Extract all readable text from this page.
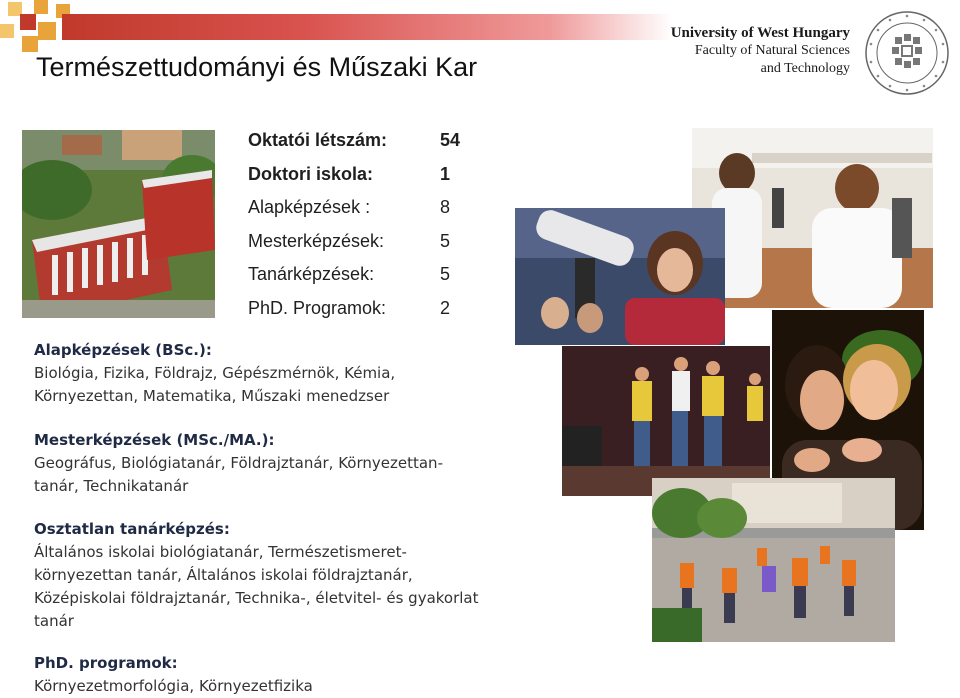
University of West Hungary
Faculty of Natural Sciences
and Technology
Természettudományi és Műszaki Kar
Oktatói létszám:	54
Doktori iskola:	1
Alapképzések :	8
Mesterképzések:	5
Tanárképzések:	5
PhD. Programok:	2
Alapképzések (BSc.):
Biológia, Fizika, Földrajz, Gépészmérnök, Kémia,
Környezettan, Matematika, Műszaki menedzser
Mesterképzések (MSc./MA.):
Geográfus, Biológiatanár, Földrajztanár, Környezettan-
tanár, Technikatanár
Osztatlan tanárképzés:
Általános iskolai biológiatanár, Természetismeret-
környezettan tanár, Általános iskolai földrajztanár,
Középiskolai földrajztanár, Technika-, életvitel- és gyakorlat
tanár
PhD. programok:
Környezetmorfológia, Környezetfizika
